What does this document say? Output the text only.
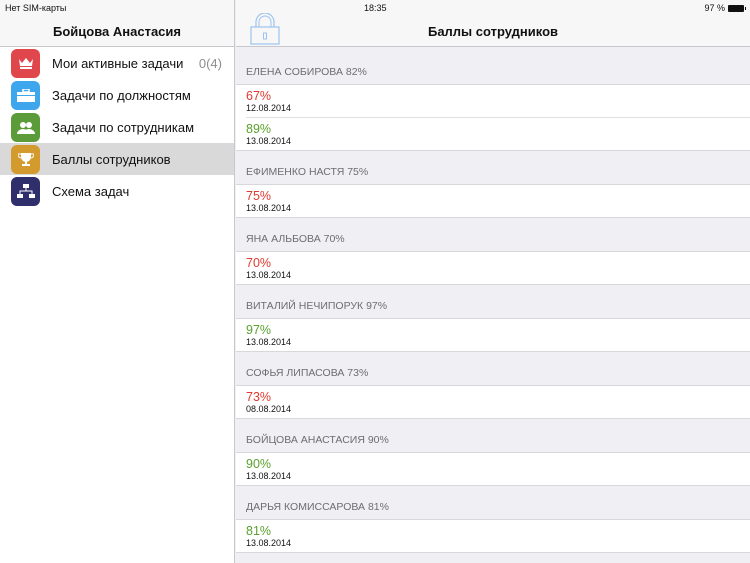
Нет SIM-карты	18:35	97 %
Бойцова Анастасия
Мои активные задачи 0(4)
Задачи по должностям
Задачи по сотрудникам
Баллы сотрудников
Схема задач
Баллы сотрудников
ЕЛЕНА СОБИРОВА 82%
67%
12.08.2014
89%
13.08.2014
ЕФИМЕНКО НАСТЯ 75%
75%
13.08.2014
ЯНА АЛЬБОВА 70%
70%
13.08.2014
ВИТАЛИЙ НЕЧИПОРУК 97%
97%
13.08.2014
СОФЬЯ ЛИПАСОВА 73%
73%
08.08.2014
БОЙЦОВА АНАСТАСИЯ 90%
90%
13.08.2014
ДАРЬЯ КОМИССАРОВА 81%
81%
13.08.2014
